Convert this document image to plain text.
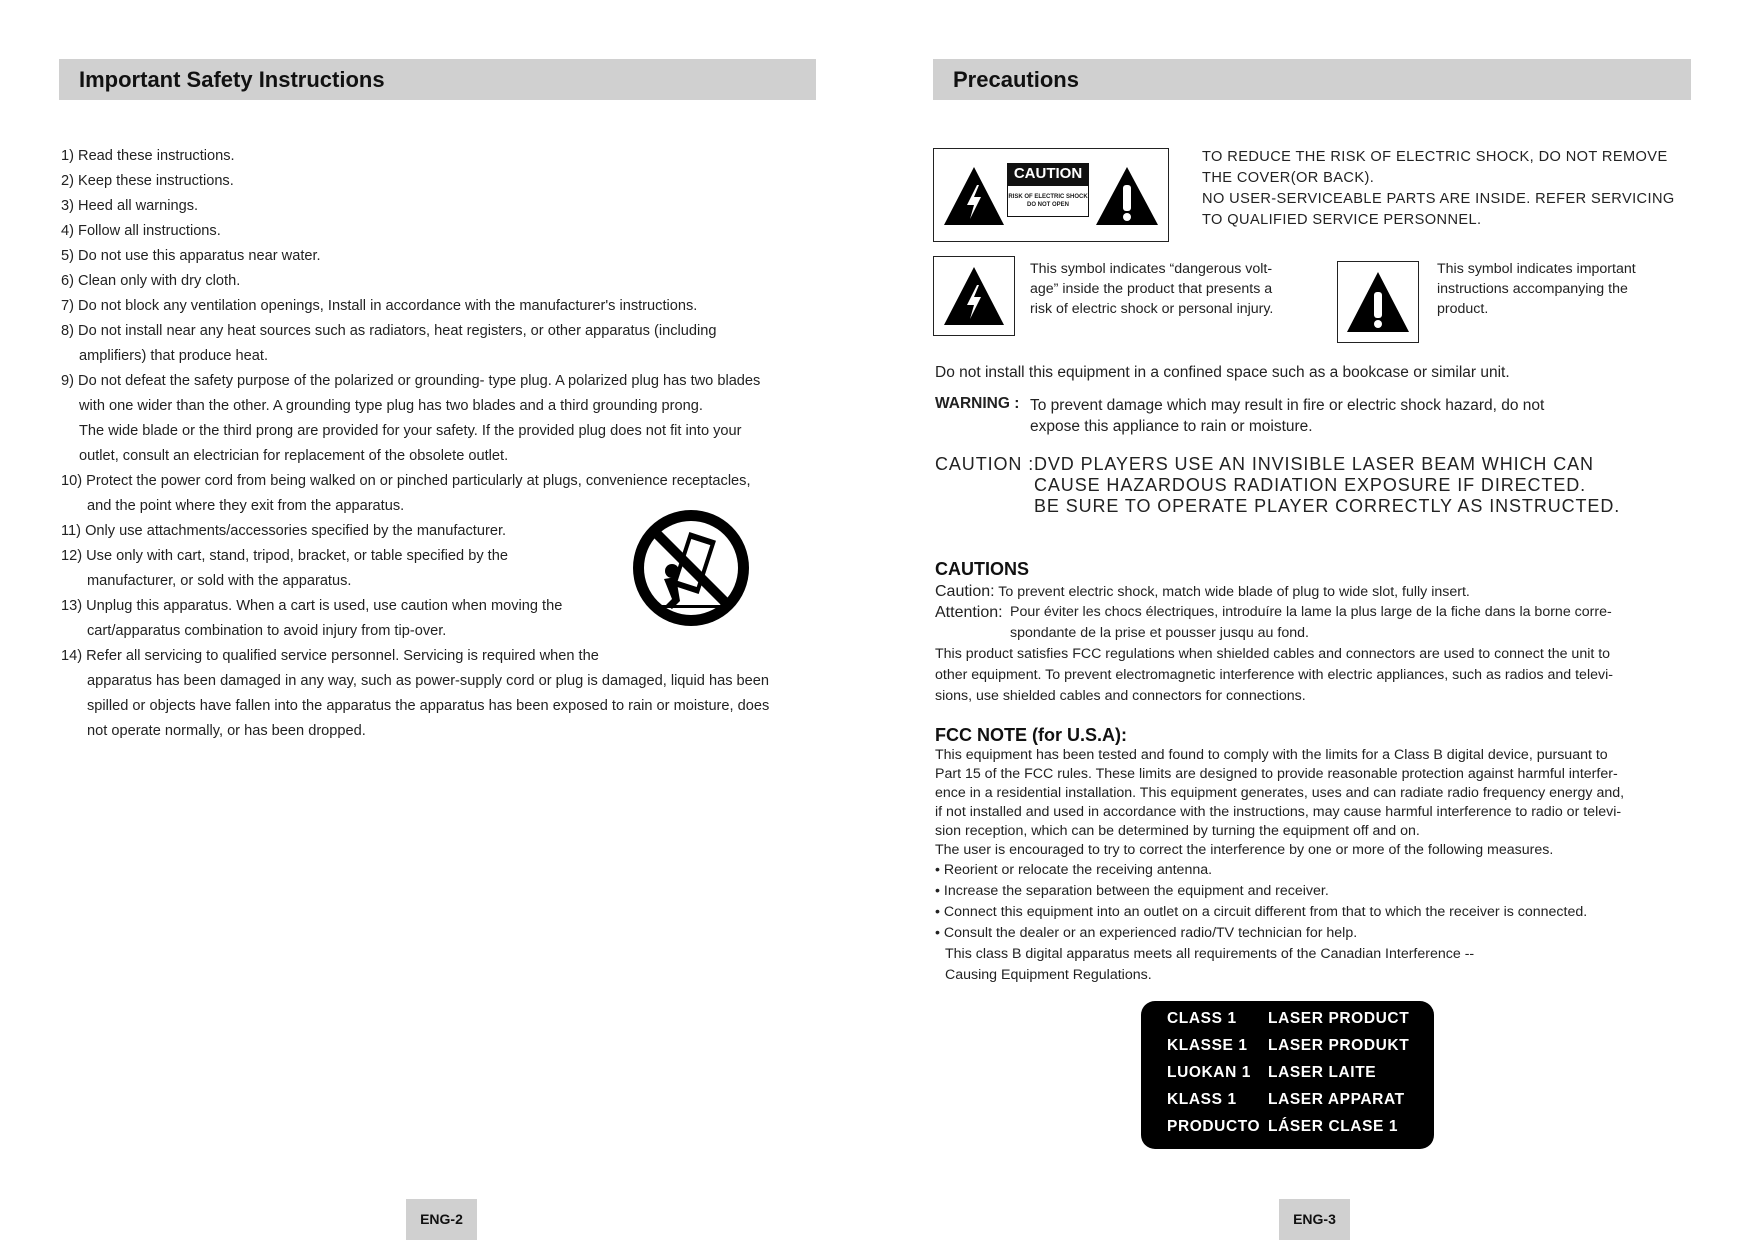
Important Safety Instructions
1) Read these instructions.
2) Keep these instructions.
3) Heed all warnings.
4) Follow all instructions.
5) Do not use this apparatus near water.
6) Clean only with dry cloth.
7) Do not block any ventilation openings, Install in accordance with the manufacturer's instructions.
8) Do not install near any heat sources such as radiators, heat registers, or other apparatus (including
amplifiers) that produce heat.
9) Do not defeat the safety purpose of the polarized or grounding- type plug. A polarized plug has two blades
with one wider than the other. A grounding type plug has two blades and a third grounding prong.
The wide blade or the third prong are provided for your safety. If the provided plug does not fit into your
outlet, consult an electrician for replacement of the obsolete outlet.
10) Protect the power cord from being walked on or pinched particularly at plugs, convenience receptacles,
and the point where they exit from the apparatus.
11) Only use attachments/accessories specified by the manufacturer.
12) Use only with cart, stand, tripod, bracket, or table specified by the
manufacturer, or sold with the apparatus.
13) Unplug this apparatus. When a cart is used, use caution when moving the
cart/apparatus combination to avoid injury from tip-over.
14) Refer all servicing to qualified service personnel. Servicing is required when the
apparatus has been damaged in any way, such as power-supply cord or plug is damaged, liquid has been
spilled or objects have fallen into the apparatus the apparatus has been exposed to rain or moisture, does
not operate normally, or has been dropped.
ENG-2
Precautions
CAUTION
RISK OF ELECTRIC SHOCK
DO NOT OPEN
TO REDUCE THE RISK OF ELECTRIC SHOCK, DO NOT REMOVE
THE COVER(OR BACK).
NO USER-SERVICEABLE PARTS ARE INSIDE. REFER SERVICING
TO QUALIFIED SERVICE PERSONNEL.
This symbol indicates “dangerous volt-
age” inside the product that presents a
risk of electric shock or personal injury.
This symbol indicates important
instructions accompanying the
product.
Do not install this equipment in a confined space such as a bookcase or similar unit.
WARNING : To prevent damage which may result in fire or electric shock hazard, do not
expose this appliance to rain or moisture.
CAUTION : DVD PLAYERS USE AN INVISIBLE LASER BEAM WHICH CAN
CAUSE HAZARDOUS RADIATION EXPOSURE IF DIRECTED.
BE SURE TO OPERATE PLAYER CORRECTLY AS INSTRUCTED.
CAUTIONS
Caution: To prevent electric shock, match wide blade of plug to wide slot, fully insert.
Attention: Pour éviter les chocs électriques, introduíre la lame la plus large de la fiche dans la borne corre-
spondante de la prise et pousser jusqu au fond.
This product satisfies FCC regulations when shielded cables and connectors are used to connect the unit to
other equipment. To prevent electromagnetic interference with electric appliances, such as radios and televi-
sions, use shielded cables and connectors for connections.
FCC NOTE (for U.S.A):
This equipment has been tested and found to comply with the limits for a Class B digital device, pursuant to
Part 15 of the FCC rules. These limits are designed to provide reasonable protection against harmful interfer-
ence in a residential installation. This equipment generates, uses and can radiate radio frequency energy and,
if not installed and used in accordance with the instructions, may cause harmful interference to radio or televi-
sion reception, which can be determined by turning the equipment off and on.
The user is encouraged to try to correct the interference by one or more of the following measures.
• Reorient or relocate the receiving antenna.
• Increase the separation between the equipment and receiver.
• Connect this equipment into an outlet on a circuit different from that to which the receiver is connected.
• Consult the dealer or an experienced radio/TV technician for help.
This class B digital apparatus meets all requirements of the Canadian Interference --
Causing Equipment Regulations.
CLASS 1 LASER PRODUCT
KLASSE 1 LASER PRODUKT
LUOKAN 1 LASER LAITE
KLASS 1 LASER APPARAT
PRODUCTO LÁSER CLASE 1
ENG-3
